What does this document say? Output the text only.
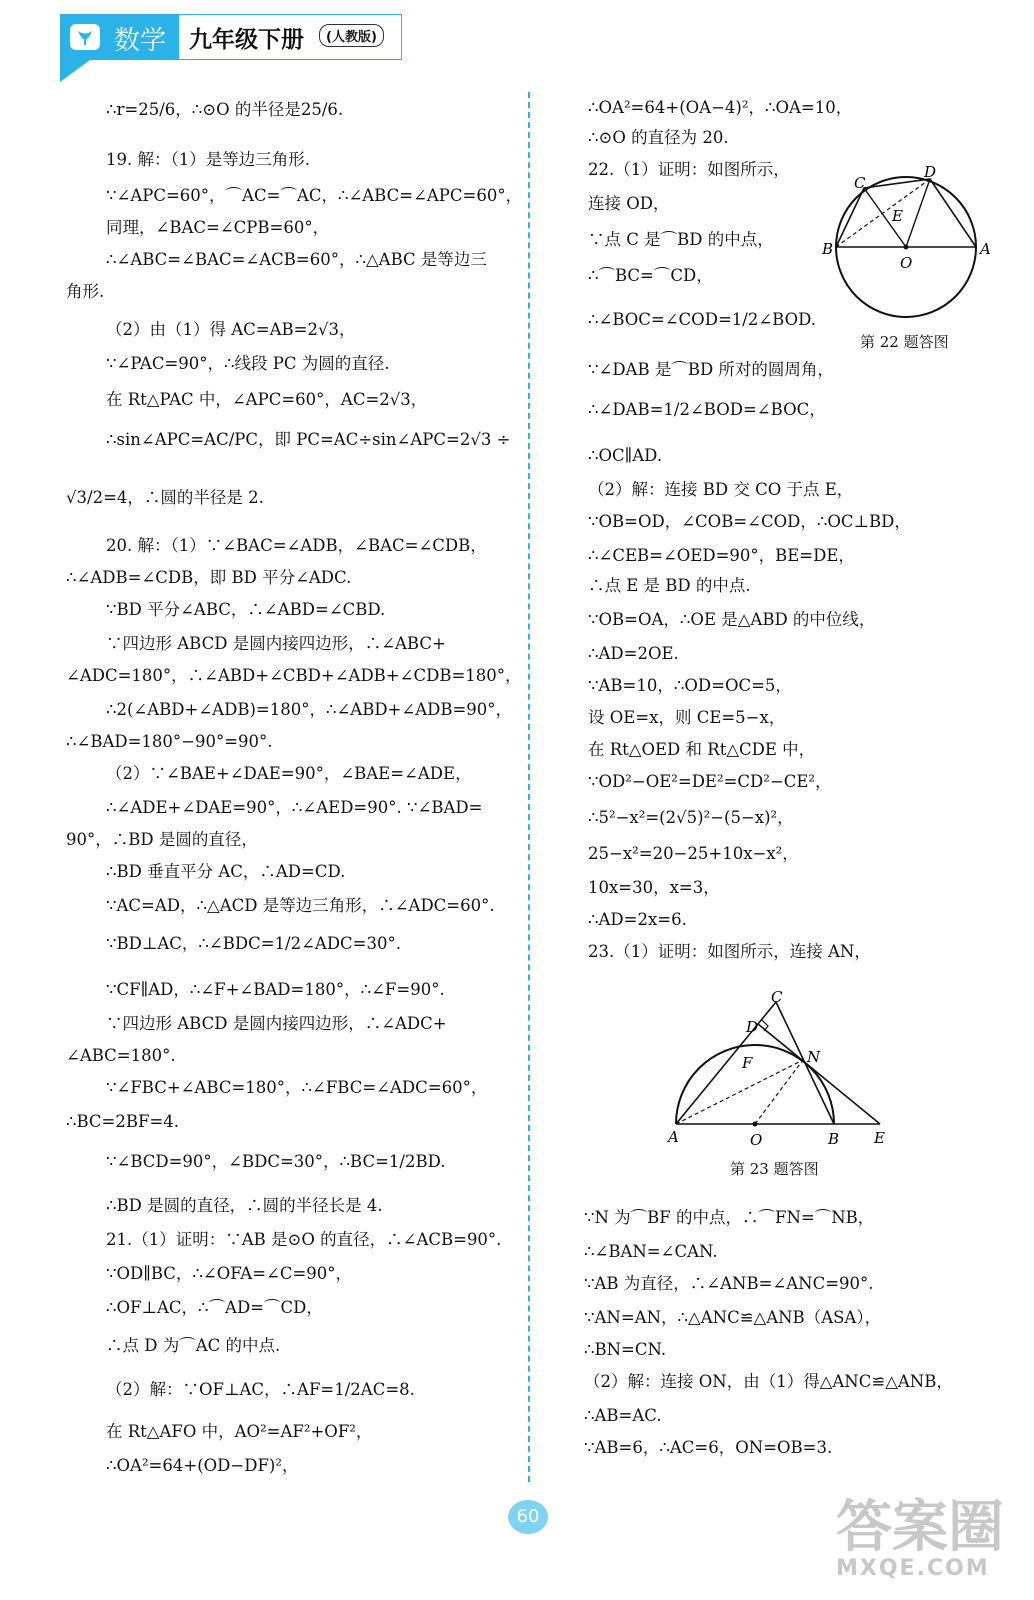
数学 九年级下册	(人教版)
∴r=25/6，∴⊙O 的半径是25/6.
19. 解：（1）是等边三角形.
∵∠APC=60°，⌒AC=⌒AC，∴∠ABC=∠APC=60°，
同理，∠BAC=∠CPB=60°，
∴∠ABC=∠BAC=∠ACB=60°，∴△ABC 是等边三
角形.
（2）由（1）得 AC=AB=2√3，
∵∠PAC=90°，∴线段 PC 为圆的直径.
在 Rt△PAC 中，∠APC=60°，AC=2√3，
∴sin∠APC=AC/PC，即 PC=AC÷sin∠APC=2√3 ÷
√3/2=4，∴圆的半径是 2.
20. 解：（1）∵∠BAC=∠ADB，∠BAC=∠CDB，
∴∠ADB=∠CDB，即 BD 平分∠ADC.
∵BD 平分∠ABC，∴∠ABD=∠CBD.
∵四边形 ABCD 是圆内接四边形，∴∠ABC+
∠ADC=180°，∴∠ABD+∠CBD+∠ADB+∠CDB=180°，
∴2(∠ABD+∠ADB)=180°，∴∠ABD+∠ADB=90°，
∴∠BAD=180°−90°=90°.
（2）∵∠BAE+∠DAE=90°，∠BAE=∠ADE，
∴∠ADE+∠DAE=90°，∴∠AED=90°. ∵∠BAD=
90°，∴BD 是圆的直径，
∴BD 垂直平分 AC，∴AD=CD.
∵AC=AD，∴△ACD 是等边三角形，∴∠ADC=60°.
∵BD⊥AC，∴∠BDC=1/2∠ADC=30°.
∵CF∥AD，∴∠F+∠BAD=180°，∴∠F=90°.
∵四边形 ABCD 是圆内接四边形，∴∠ADC+
∠ABC=180°.
∵∠FBC+∠ABC=180°，∴∠FBC=∠ADC=60°，
∴BC=2BF=4.
∵∠BCD=90°，∠BDC=30°，∴BC=1/2BD.
∴BD 是圆的直径，∴圆的半径长是 4.
21.（1）证明：∵AB 是⊙O 的直径，∴∠ACB=90°.
∵OD∥BC，∴∠OFA=∠C=90°，
∴OF⊥AC，∴⌒AD=⌒CD，
∴点 D 为⌒AC 的中点.
（2）解：∵OF⊥AC，∴AF=1/2AC=8.
在 Rt△AFO 中，AO²=AF²+OF²，
∴OA²=64+(OD−DF)²，
∴OA²=64+(OA−4)²，∴OA=10，
∴⊙O 的直径为 20.
22.（1）证明：如图所示，
连接 OD，
∵点 C 是⌒BD 的中点，
∴⌒BC=⌒CD，
∴∠BOC=∠COD=1/2∠BOD.
∵∠DAB 是⌒BD 所对的圆周角，
∴∠DAB=1/2∠BOD=∠BOC，
∴OC∥AD.
（2）解：连接 BD 交 CO 于点 E，
∵OB=OD，∠COB=∠COD，∴OC⊥BD，
∴∠CEB=∠OED=90°，BE=DE，
∴点 E 是 BD 的中点.
∵OB=OA，∴OE 是△ABD 的中位线，
∴AD=2OE.
∵AB=10，∴OD=OC=5，
设 OE=x，则 CE=5−x，
在 Rt△OED 和 Rt△CDE 中，
∵OD²−OE²=DE²=CD²−CE²，
∴5²−x²=(2√5)²−(5−x)²，
25−x²=20−25+10x−x²，
10x=30，x=3，
∴AD=2x=6.
23.（1）证明：如图所示，连接 AN，
∵N 为⌒BF 的中点，∴⌒FN=⌒NB，
∴∠BAN=∠CAN.
∵AB 为直径，∴∠ANB=∠ANC=90°.
∵AN=AN，∴△ANC≌△ANB（ASA），
∴BN=CN.
（2）解：连接 ON，由（1）得△ANC≌△ANB，
∴AB=AC.
∵AB=6，∴AC=6，ON=OB=3.
C
D
E
B
O
A
第 22 题答图
C
D
N
F
A	O	B E
第 23 题答图
60	答案圈
MXQE.COM
